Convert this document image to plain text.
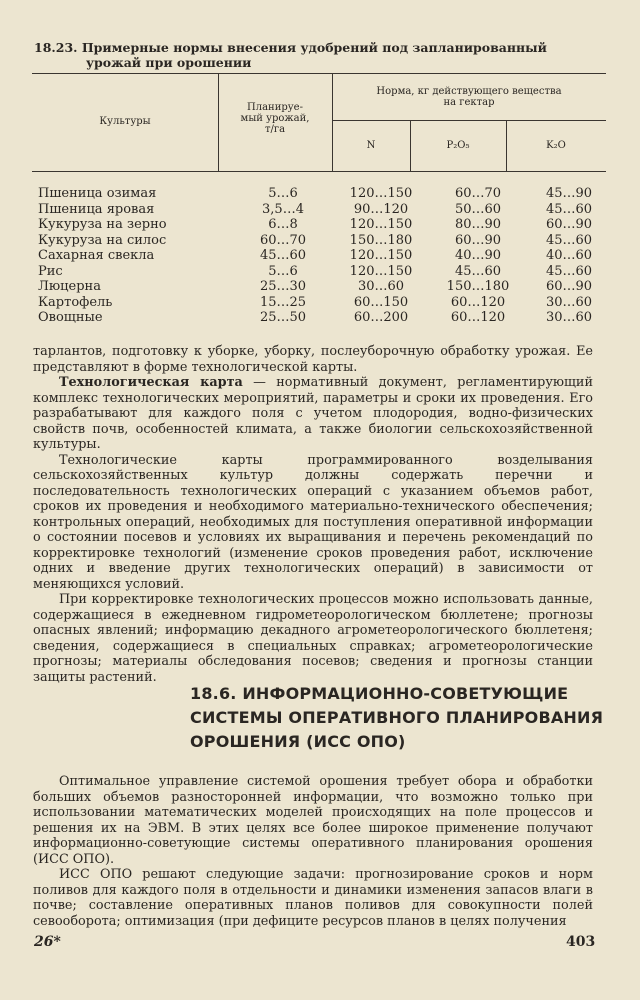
18.23. Примерные нормы внесения удобрений под запланированный
урожай при орошении
Культуры
Планируе-
мый урожай,
т/га
Норма, кг действующего вещества
на гектар
N	P₂O₅	K₂O
Пшеница озимая	5…6	120…150	60…70	45…90
Пшеница яровая	3,5…4	90…120	50…60	45…60
Кукуруза на зерно	6…8	120…150	80…90	60…90
Кукуруза на силос	60…70	150…180	60…90	45…60
Сахарная свекла	45…60	120…150	40…90	40…60
Рис	5…6	120…150	45…60	45…60
Люцерна	25…30	30…60	150…180	60…90
Картофель	15…25	60…150	60…120	30…60
Овощные	25…50	60…200	60…120	30…60

тарлантов, подготовку к уборке, уборку, послеуборочную обработку урожая. Ее представляют в форме технологической карты.

Технологическая карта — нормативный документ, регламентирующий комплекс технологических мероприятий, параметры и сроки их проведения. Его разрабатывают для каждого поля с учетом плодородия, водно-физических свойств почв, особенностей климата, а также биологии сельскохозяйственной культуры.

Технологические карты программированного возделывания сельскохозяйственных культур должны содержать перечни и последовательность технологических операций с указанием объемов работ, сроков их проведения и необходимого материально-технического обеспечения; контрольных операций, необходимых для поступления оперативной информации о состоянии посевов и условиях их выращивания и перечень рекомендаций по корректировке технологий (изменение сроков проведения работ, исключение одних и введение других технологических операций) в зависимости от меняющихся условий.

При корректировке технологических процессов можно использовать данные, содержащиеся в ежедневном гидрометеорологическом бюллетене; прогнозы опасных явлений; информацию декадного агрометеорологического бюллетеня; сведения, содержащиеся в специальных справках; агрометеорологические прогнозы; материалы обследования посевов; сведения и прогнозы станции защиты растений.

18.6. ИНФОРМАЦИОННО-СОВЕТУЮЩИЕ
СИСТЕМЫ ОПЕРАТИВНОГО ПЛАНИРОВАНИЯ
ОРОШЕНИЯ (ИСС ОПО)

Оптимальное управление системой орошения требует обора и обработки больших объемов разносторонней информации, что возможно только при использовании математических моделей происходящих на поле процессов и решения их на ЭВМ. В этих целях все более широкое применение получают информационно-советующие системы оперативного планирования орошения (ИСС ОПО).

ИСС ОПО решают следующие задачи: прогнозирование сроков и норм поливов для каждого поля в отдельности и динамики изменения запасов влаги в почве; составление оперативных планов поливов для совокупности полей севооборота; оптимизация (при дефиците ресурсов планов в целях получения

26*	403
